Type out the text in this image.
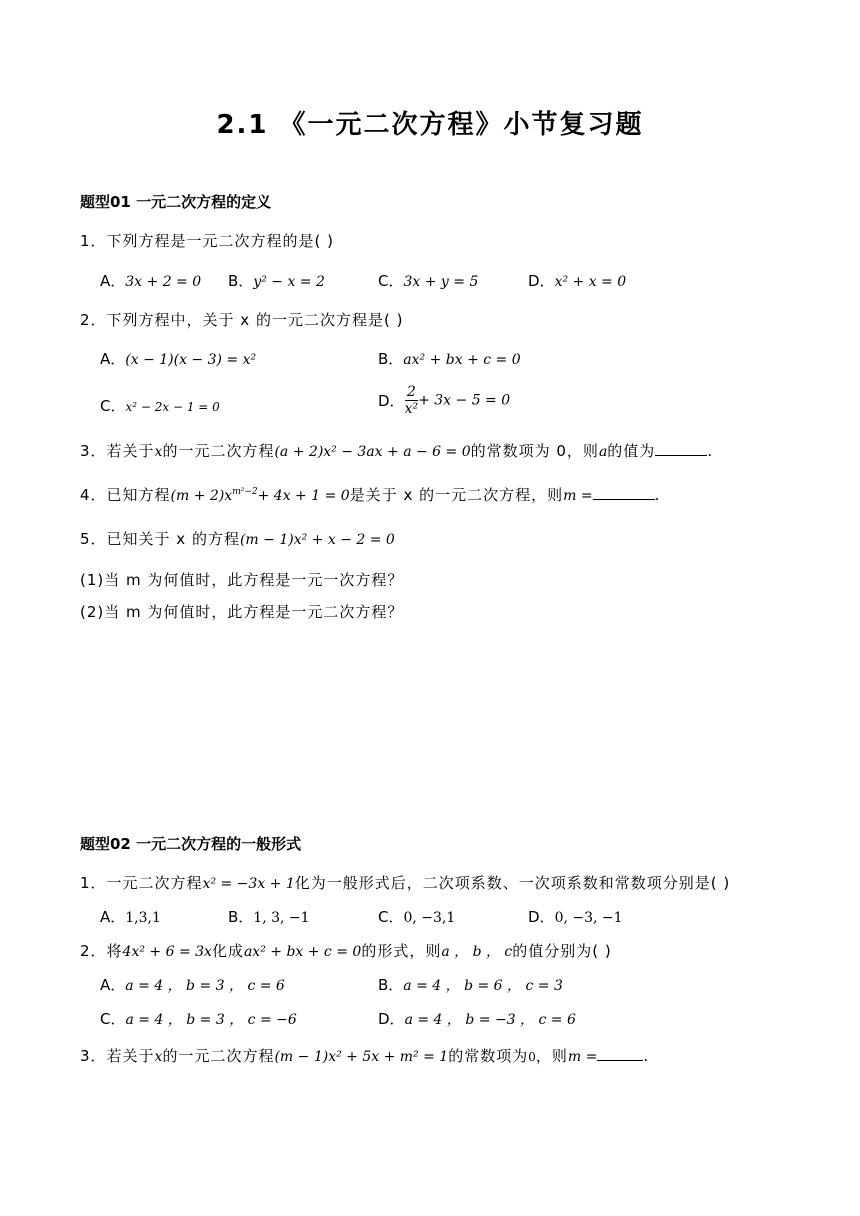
2.1 《一元二次方程》小节复习题
题型01 一元二次方程的定义
1．下列方程是一元二次方程的是( )
A．3x + 2 = 0 B．y² − x = 2	C．3x + y = 5	D．x² + x = 0
2．下列方程中，关于 x 的一元二次方程是( )
A．(x − 1)(x − 3) = x²	B．ax² + bx + c = 0
C．x² − 2x − 1 = 0	D． $\frac{2}{\text{x²}} + 3x - 5 = 0$
3．若关于x的一元二次方程(a + 2)x² − 3ax + a − 6 = 0的常数项为 0，则a的值为	.
4．已知方程$(m + 2)x^{m^2-2}+ 4x + 1 = 0$是关于 x 的一元二次方程，则m =	.
5．已知关于 x 的方程(m − 1)x² + x − 2 = 0
(1)当 m 为何值时，此方程是一元一次方程？
(2)当 m 为何值时，此方程是一元二次方程？
题型02 一元二次方程的一般形式
1．一元二次方程x² = −3x + 1化为一般形式后，二次项系数、一次项系数和常数项分别是( )
A．1,3,1	B．1, 3, −1	C．0, −3,1	D．0, −3, −1
2．将4x² + 6 = 3x化成ax² + bx + c = 0的形式，则a ， b ， c的值分别为( )
A．a = 4 ， b = 3 ， c = 6	B．a = 4 ， b = 6 ， c = 3
C．a = 4 ， b = 3 ， c = −6	D．a = 4 ， b = −3 ， c = 6
3．若关于x的一元二次方程(m − 1)x² + 5x + m² = 1的常数项为0，则m =	.
